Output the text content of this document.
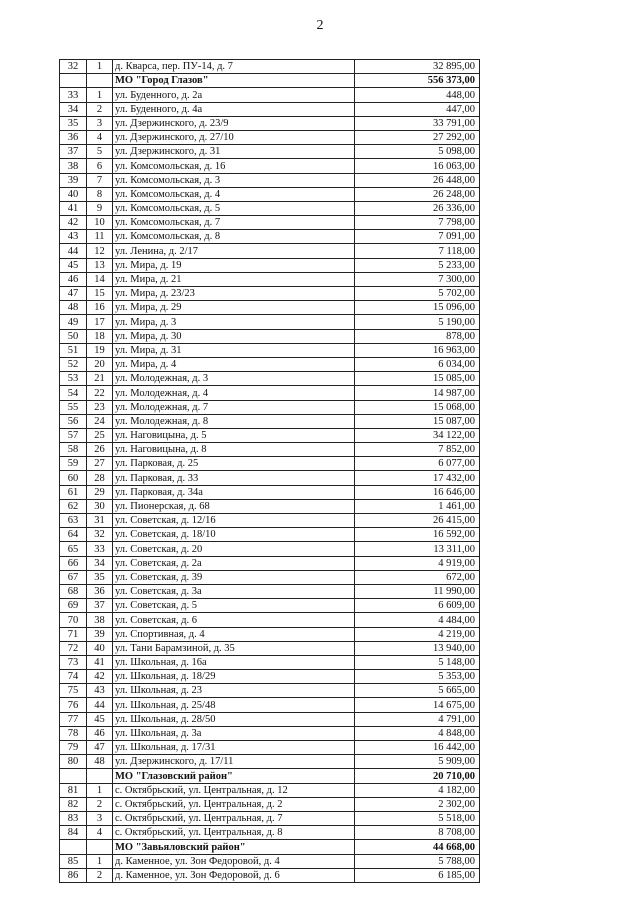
2
32	1	д. Кварса, пер. ПУ-14, д. 7	32 895,00
		МО "Город Глазов"	556 373,00
33	1	ул. Буденного, д. 2а	448,00
34	2	ул. Буденного, д. 4а	447,00
35	3	ул. Дзержинского, д. 23/9	33 791,00
36	4	ул. Дзержинского, д. 27/10	27 292,00
37	5	ул. Дзержинского, д. 31	5 098,00
38	6	ул. Комсомольская, д. 16	16 063,00
39	7	ул. Комсомольская, д. 3	26 448,00
40	8	ул. Комсомольская, д. 4	26 248,00
41	9	ул. Комсомольская, д. 5	26 336,00
42	10	ул. Комсомольская, д. 7	7 798,00
43	11	ул. Комсомольская, д. 8	7 091,00
44	12	ул. Ленина, д. 2/17	7 118,00
45	13	ул. Мира, д. 19	5 233,00
46	14	ул. Мира, д. 21	7 300,00
47	15	ул. Мира, д. 23/23	5 702,00
48	16	ул. Мира, д. 29	15 096,00
49	17	ул. Мира, д. 3	5 190,00
50	18	ул. Мира, д. 30	878,00
51	19	ул. Мира, д. 31	16 963,00
52	20	ул. Мира, д. 4	6 034,00
53	21	ул. Молодежная, д. 3	15 085,00
54	22	ул. Молодежная, д. 4	14 987,00
55	23	ул. Молодежная, д. 7	15 068,00
56	24	ул. Молодежная, д. 8	15 087,00
57	25	ул. Наговицына, д. 5	34 122,00
58	26	ул. Наговицына, д. 8	7 852,00
59	27	ул. Парковая, д. 25	6 077,00
60	28	ул. Парковая, д. 33	17 432,00
61	29	ул. Парковая, д. 34а	16 646,00
62	30	ул. Пионерская, д. 68	1 461,00
63	31	ул. Советская, д. 12/16	26 415,00
64	32	ул. Советская, д. 18/10	16 592,00
65	33	ул. Советская, д. 20	13 311,00
66	34	ул. Советская, д. 2а	4 919,00
67	35	ул. Советская, д. 39	672,00
68	36	ул. Советская, д. 3а	11 990,00
69	37	ул. Советская, д. 5	6 609,00
70	38	ул. Советская, д. 6	4 484,00
71	39	ул. Спортивная, д. 4	4 219,00
72	40	ул. Тани Барамзиной, д. 35	13 940,00
73	41	ул. Школьная, д. 16а	5 148,00
74	42	ул. Школьная, д. 18/29	5 353,00
75	43	ул. Школьная, д. 23	5 665,00
76	44	ул. Школьная, д. 25/48	14 675,00
77	45	ул. Школьная, д. 28/50	4 791,00
78	46	ул. Школьная, д. 3а	4 848,00
79	47	ул. Школьная, д. 17/31	16 442,00
80	48	ул. Дзержинского, д. 17/11	5 909,00
		МО "Глазовский район"	20 710,00
81	1	с. Октябрьский, ул. Центральная, д. 12	4 182,00
82	2	с. Октябрьский, ул. Центральная, д. 2	2 302,00
83	3	с. Октябрьский, ул. Центральная, д. 7	5 518,00
84	4	с. Октябрьский, ул. Центральная, д. 8	8 708,00
		МО "Завьяловский район"	44 668,00
85	1	д. Каменное, ул. Зон Федоровой, д. 4	5 788,00
86	2	д. Каменное, ул. Зон Федоровой, д. 6	6 185,00
